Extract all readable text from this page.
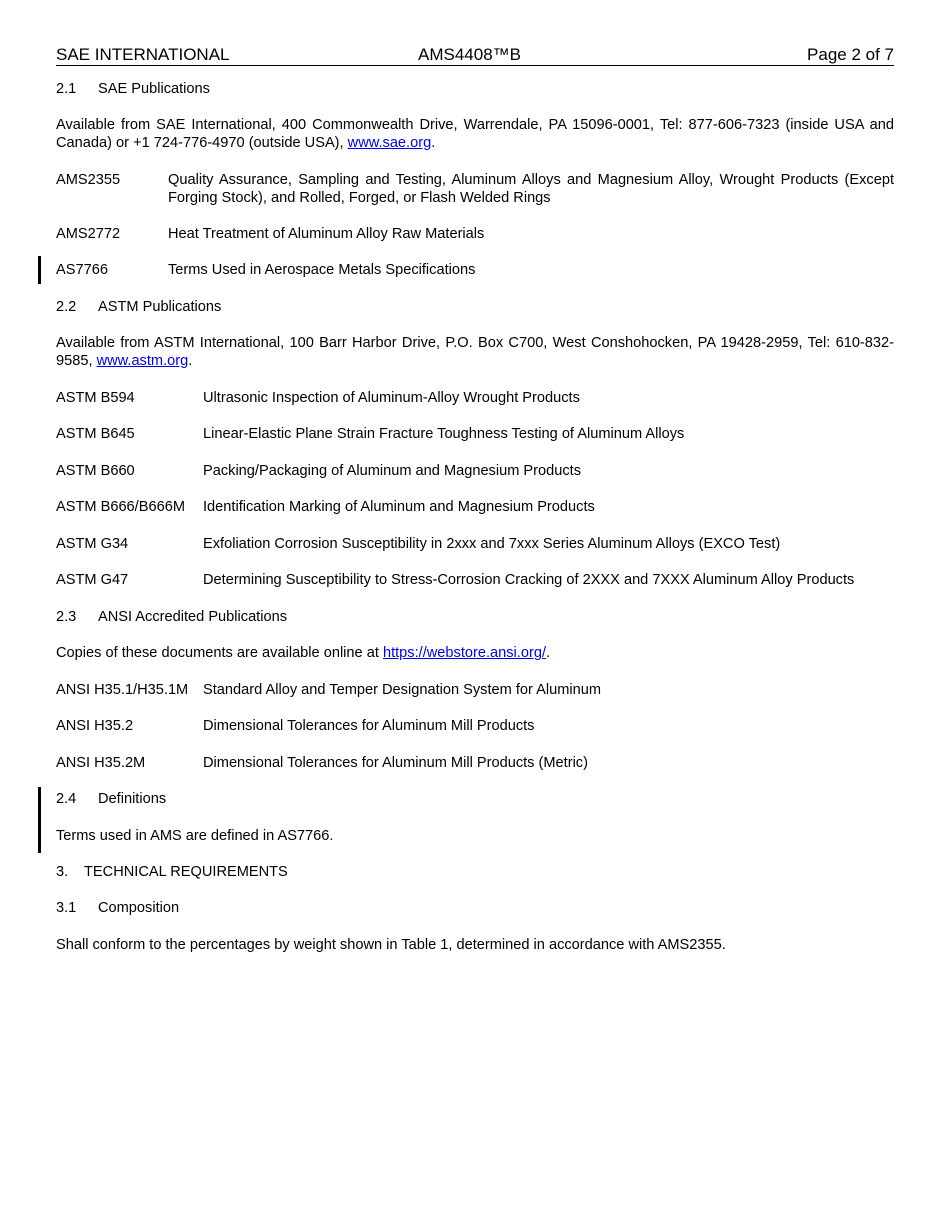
SAE INTERNATIONAL	AMS4408™B	Page 2 of 7
2.1 SAE Publications
Available from SAE International, 400 Commonwealth Drive, Warrendale, PA 15096-0001, Tel: 877-606-7323 (inside USA and Canada) or +1 724-776-4970 (outside USA), www.sae.org.
AMS2355	Quality Assurance, Sampling and Testing, Aluminum Alloys and Magnesium Alloy, Wrought Products (Except Forging Stock), and Rolled, Forged, or Flash Welded Rings
AMS2772	Heat Treatment of Aluminum Alloy Raw Materials
AS7766	Terms Used in Aerospace Metals Specifications
2.2 ASTM Publications
Available from ASTM International, 100 Barr Harbor Drive, P.O. Box C700, West Conshohocken, PA 19428-2959, Tel: 610-832-9585, www.astm.org.
ASTM B594	Ultrasonic Inspection of Aluminum-Alloy Wrought Products
ASTM B645	Linear-Elastic Plane Strain Fracture Toughness Testing of Aluminum Alloys
ASTM B660	Packing/Packaging of Aluminum and Magnesium Products
ASTM B666/B666M	Identification Marking of Aluminum and Magnesium Products
ASTM G34	Exfoliation Corrosion Susceptibility in 2xxx and 7xxx Series Aluminum Alloys (EXCO Test)
ASTM G47	Determining Susceptibility to Stress-Corrosion Cracking of 2XXX and 7XXX Aluminum Alloy Products
2.3 ANSI Accredited Publications
Copies of these documents are available online at https://webstore.ansi.org/.
ANSI H35.1/H35.1M	Standard Alloy and Temper Designation System for Aluminum
ANSI H35.2	Dimensional Tolerances for Aluminum Mill Products
ANSI H35.2M	Dimensional Tolerances for Aluminum Mill Products (Metric)
2.4 Definitions
Terms used in AMS are defined in AS7766.
3. TECHNICAL REQUIREMENTS
3.1 Composition
Shall conform to the percentages by weight shown in Table 1, determined in accordance with AMS2355.
